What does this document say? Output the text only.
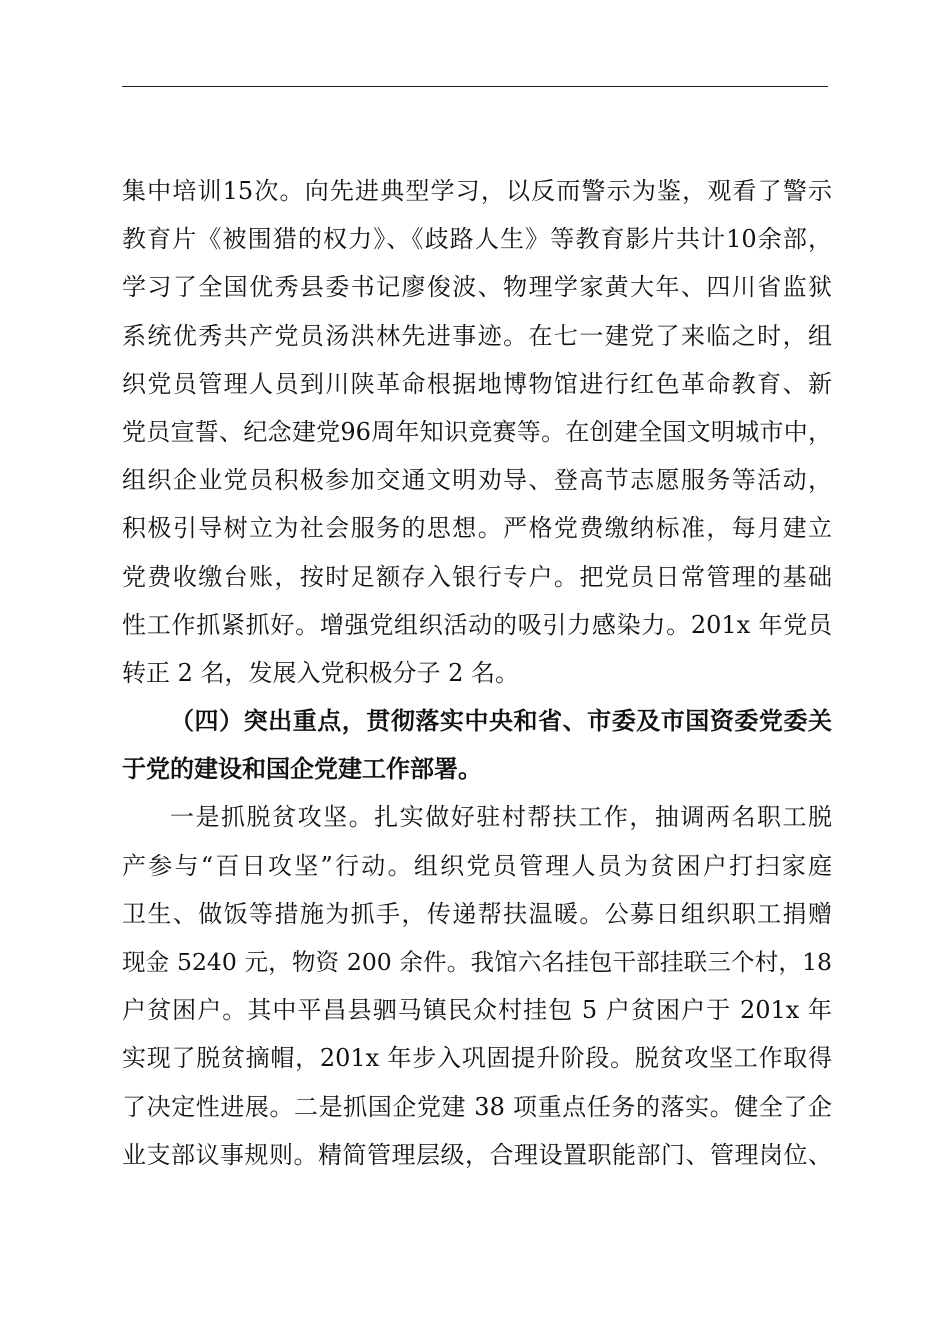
集中培训15次。向先进典型学习，以反而警示为鉴，观看了警示
教育片《被围猎的权力》、《歧路人生》等教育影片共计10余部，
学习了全国优秀县委书记廖俊波、物理学家黄大年、四川省监狱
系统优秀共产党员汤洪林先进事迹。在七一建党了来临之时，组
织党员管理人员到川陕革命根据地博物馆进行红色革命教育、新
党员宣誓、纪念建党96周年知识竞赛等。在创建全国文明城市中，
组织企业党员积极参加交通文明劝导、登高节志愿服务等活动，
积极引导树立为社会服务的思想。严格党费缴纳标准，每月建立
党费收缴台账，按时足额存入银行专户。把党员日常管理的基础
性工作抓紧抓好。增强党组织活动的吸引力感染力。201x 年党员
转正 2 名，发展入党积极分子 2 名。
（四）突出重点，贯彻落实中央和省、市委及市国资委党委关
于党的建设和国企党建工作部署。
一是抓脱贫攻坚。扎实做好驻村帮扶工作，抽调两名职工脱
产参与“百日攻坚”行动。组织党员管理人员为贫困户打扫家庭
卫生、做饭等措施为抓手，传递帮扶温暖。公募日组织职工捐赠
现金 5240 元，物资 200 余件。我馆六名挂包干部挂联三个村，18
户贫困户。其中平昌县驷马镇民众村挂包 5 户贫困户于 201x 年
实现了脱贫摘帽，201x 年步入巩固提升阶段。脱贫攻坚工作取得
了决定性进展。二是抓国企党建 38 项重点任务的落实。健全了企
业支部议事规则。精简管理层级，合理设置职能部门、管理岗位、
